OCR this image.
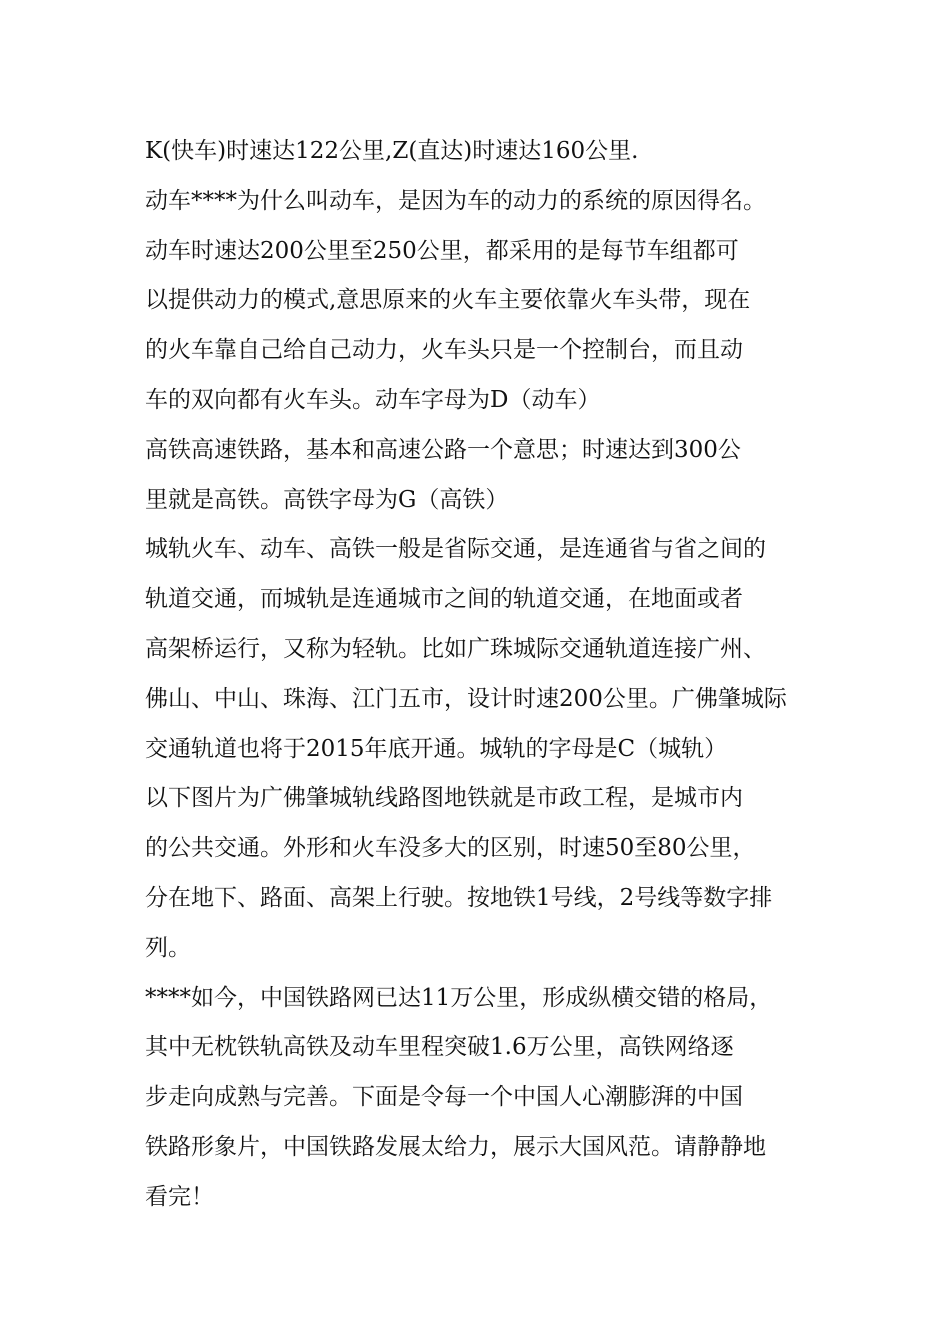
K(快车)时速达122公里,Z(直达)时速达160公里.
动车****为什么叫动车，是因为车的动力的系统的原因得名。
动车时速达200公里至250公里，都采用的是每节车组都可
以提供动力的模式,意思原来的火车主要依靠火车头带，现在
的火车靠自己给自己动力，火车头只是一个控制台，而且动
车的双向都有火车头。动车字母为D（动车）
高铁高速铁路，基本和高速公路一个意思；时速达到300公
里就是高铁。高铁字母为G（高铁）
城轨火车、动车、高铁一般是省际交通，是连通省与省之间的
轨道交通，而城轨是连通城市之间的轨道交通，在地面或者
高架桥运行，又称为轻轨。比如广珠城际交通轨道连接广州、
佛山、中山、珠海、江门五市，设计时速200公里。广佛肇城际
交通轨道也将于2015年底开通。城轨的字母是C（城轨）
以下图片为广佛肇城轨线路图地铁就是市政工程，是城市内
的公共交通。外形和火车没多大的区别，时速50至80公里，
分在地下、路面、高架上行驶。按地铁1号线，2号线等数字排
列。
****如今，中国铁路网已达11万公里，形成纵横交错的格局，
其中无枕铁轨高铁及动车里程突破1.6万公里，高铁网络逐
步走向成熟与完善。下面是令每一个中国人心潮膨湃的中国
铁路形象片，中国铁路发展太给力，展示大国风范。请静静地
看完！
